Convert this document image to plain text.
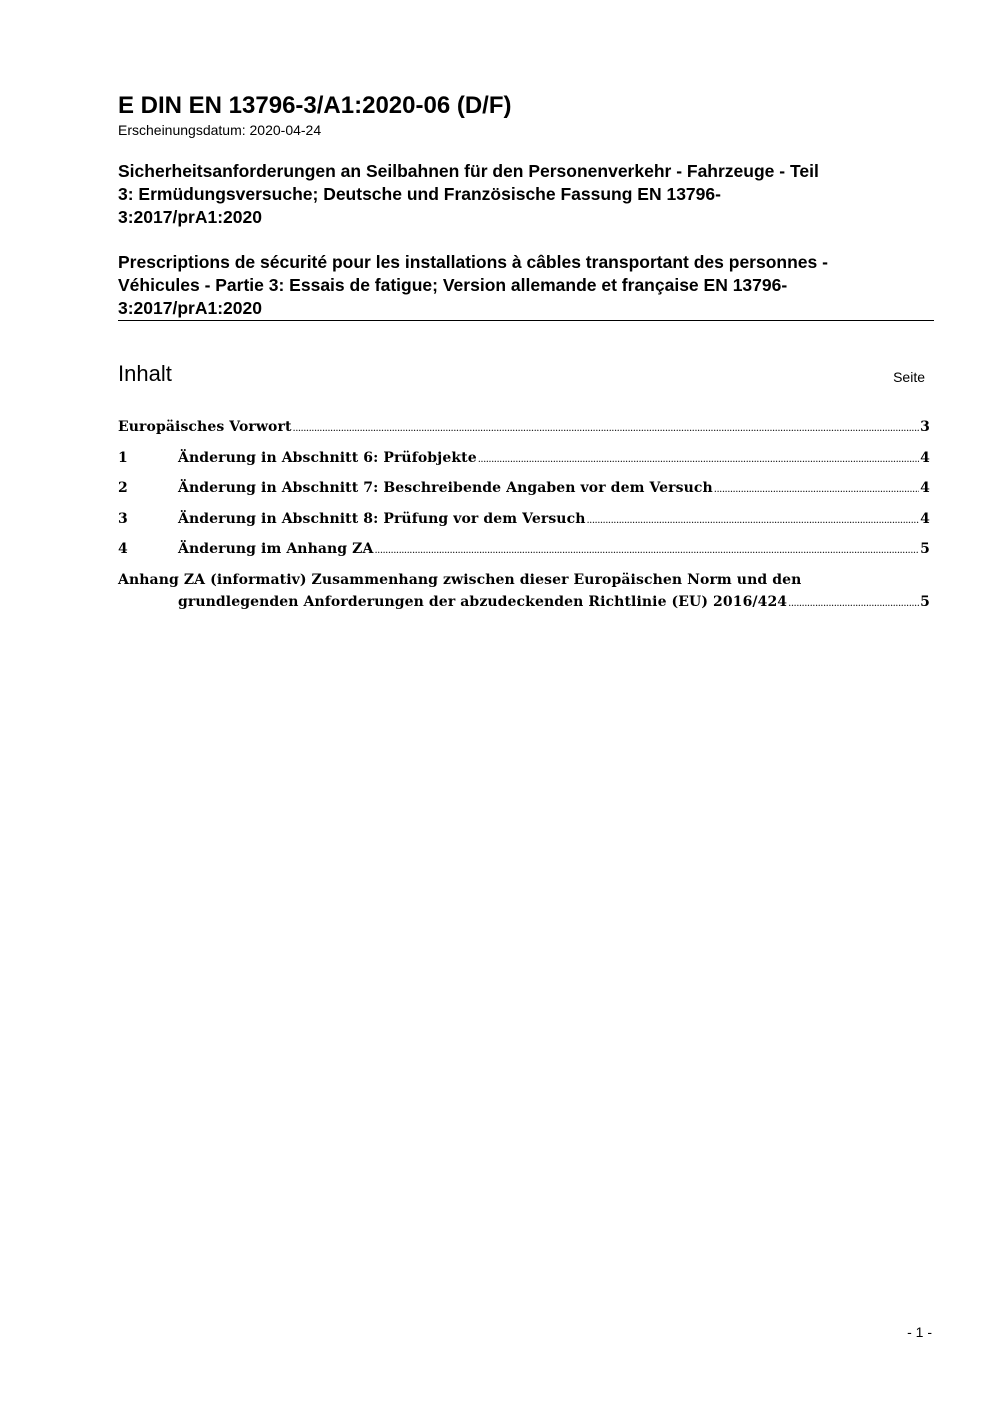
E DIN EN 13796-3/A1:2020-06 (D/F)
Erscheinungsdatum: 2020-04-24
Sicherheitsanforderungen an Seilbahnen für den Personenverkehr - Fahrzeuge - Teil
3: Ermüdungsversuche; Deutsche und Französische Fassung EN 13796-
3:2017/prA1:2020
Prescriptions de sécurité pour les installations à câbles transportant des personnes -
Véhicules - Partie 3: Essais de fatigue; Version allemande et française EN 13796-
3:2017/prA1:2020
Inhalt	Seite
Europäisches Vorwort .....	3
1	Änderung in Abschnitt 6: Prüfobjekte .....	4
2	Änderung in Abschnitt 7: Beschreibende Angaben vor dem Versuch .....	4
3	Änderung in Abschnitt 8: Prüfung vor dem Versuch .....	4
4	Änderung im Anhang ZA .....	5
Anhang ZA (informativ) Zusammenhang zwischen dieser Europäischen Norm und den
grundlegenden Anforderungen der abzudeckenden Richtlinie (EU) 2016/424 .....	5
- 1 -
